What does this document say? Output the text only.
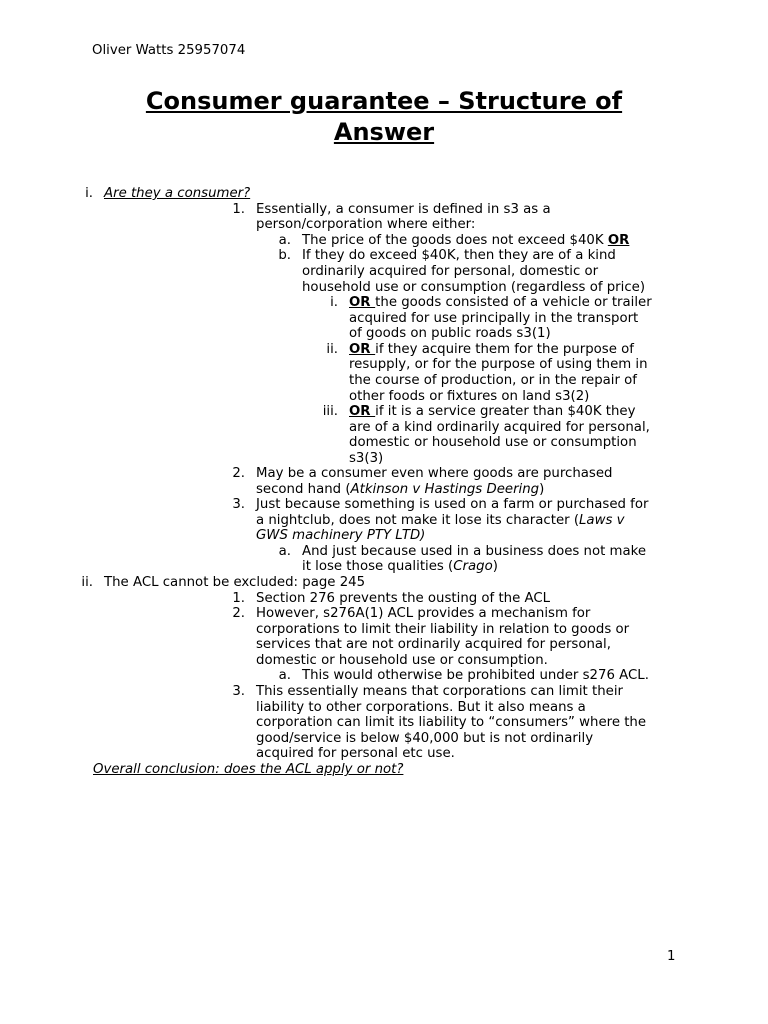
Oliver Watts 25957074
Consumer guarantee – Structure of
Answer
i. Are they a consumer?
1. Essentially, a consumer is defined in s3 as a
person/corporation where either:
a. The price of the goods does not exceed $40K OR
b. If they do exceed $40K, then they are of a kind
ordinarily acquired for personal, domestic or
household use or consumption (regardless of price)
i. OR the goods consisted of a vehicle or trailer
acquired for use principally in the transport
of goods on public roads s3(1)
ii. OR if they acquire them for the purpose of
resupply, or for the purpose of using them in
the course of production, or in the repair of
other foods or fixtures on land s3(2)
iii. OR if it is a service greater than $40K they
are of a kind ordinarily acquired for personal,
domestic or household use or consumption
s3(3)
2. May be a consumer even where goods are purchased
second hand (Atkinson v Hastings Deering)
3. Just because something is used on a farm or purchased for
a nightclub, does not make it lose its character (Laws v
GWS machinery PTY LTD)
a. And just because used in a business does not make
it lose those qualities (Crago)
ii. The ACL cannot be excluded: page 245
1. Section 276 prevents the ousting of the ACL
2. However, s276A(1) ACL provides a mechanism for
corporations to limit their liability in relation to goods or
services that are not ordinarily acquired for personal,
domestic or household use or consumption.
a. This would otherwise be prohibited under s276 ACL.
3. This essentially means that corporations can limit their
liability to other corporations. But it also means a
corporation can limit its liability to “consumers” where the
good/service is below $40,000 but is not ordinarily
acquired for personal etc use.
Overall conclusion: does the ACL apply or not?
1
